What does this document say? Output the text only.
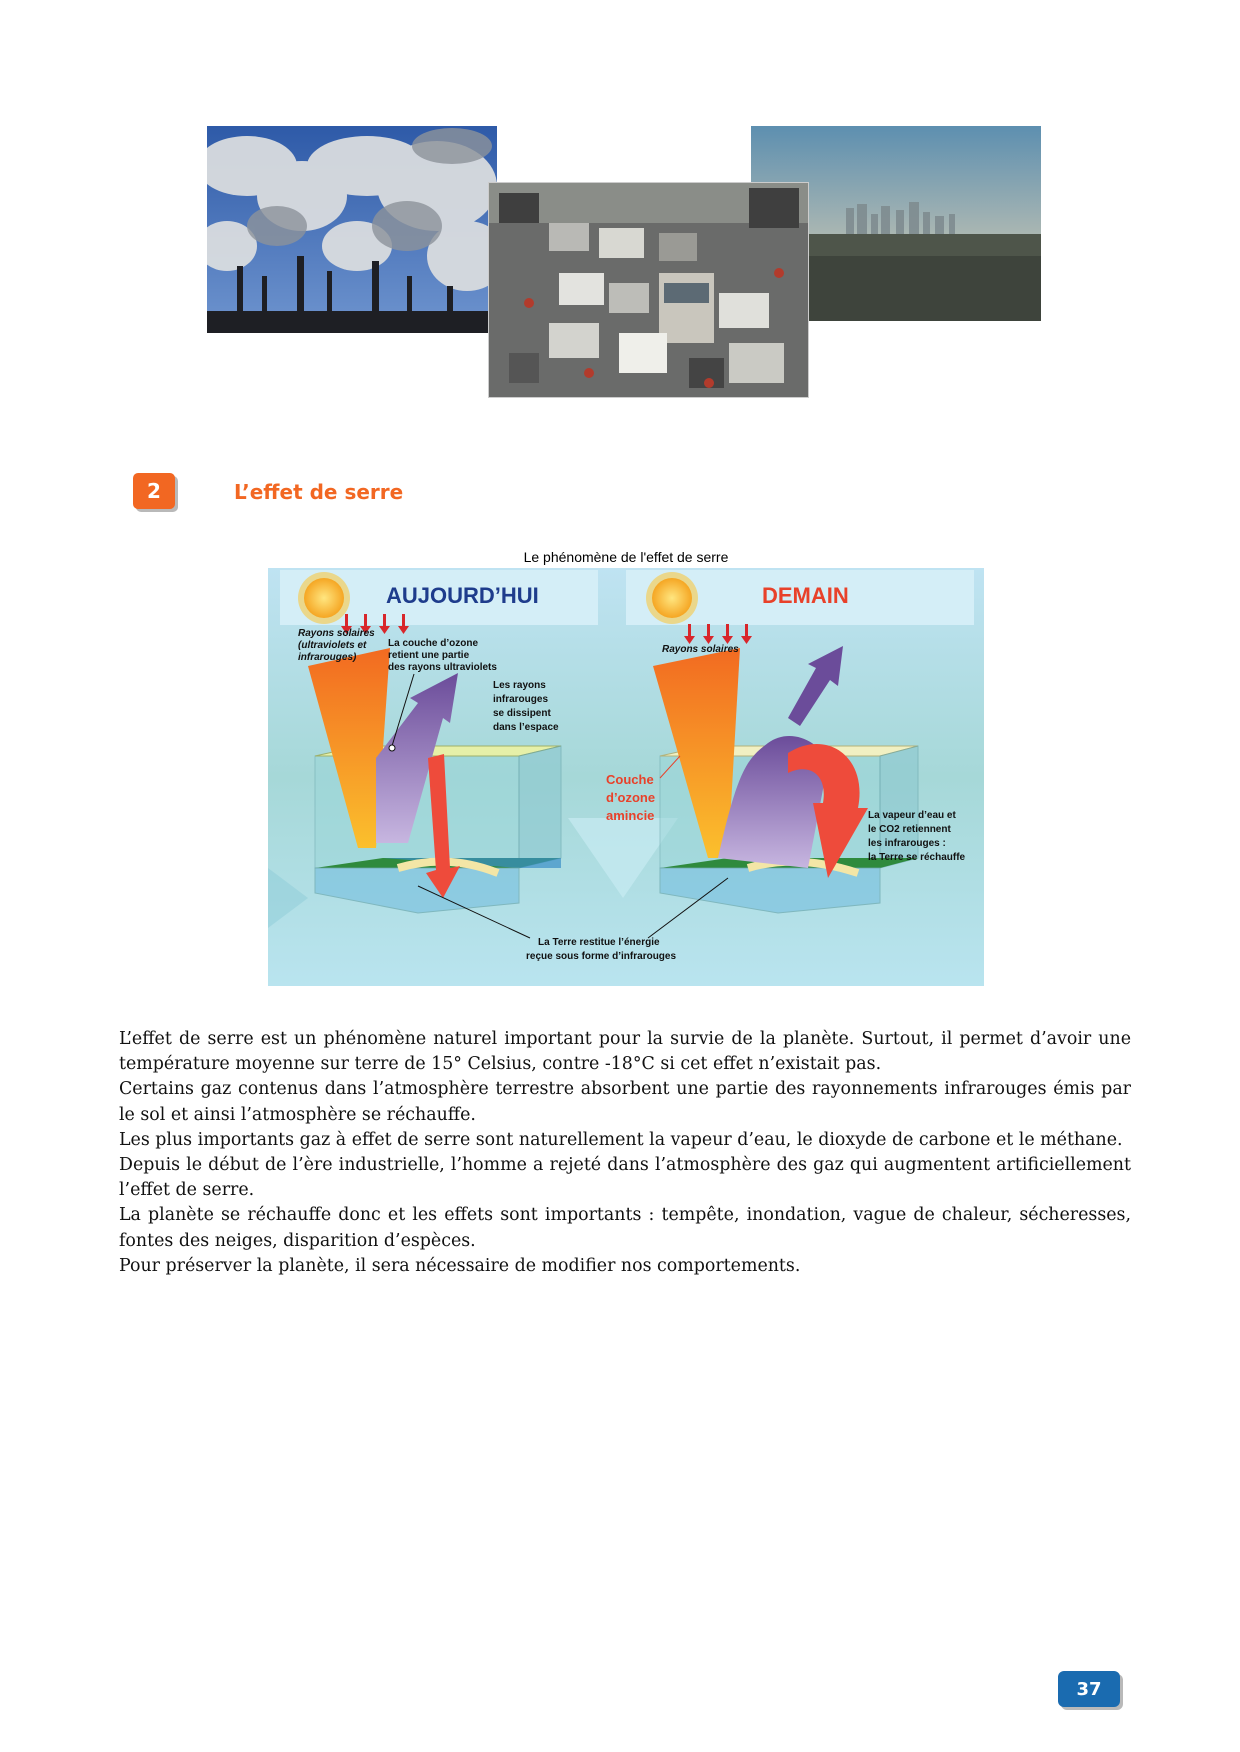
2	L’effet de serre
Le phénomène de l'effet de serre
AUJOURD’HUI
Rayons solaires
(ultraviolets et
infrarouges)
La couche d’ozone
retient une partie
des rayons ultraviolets
Les rayons
infrarouges
se dissipent
dans l’espace
DEMAIN
Rayons solaires
Couche
d’ozone
amincie	La vapeur d’eau et
le CO2 retiennent
les infrarouges :
la Terre se réchauffe
La Terre restitue l’énergie
reçue sous forme d’infrarouges

L’effet de serre est un phénomène naturel important pour la survie de la planète. Surtout, il permet d’avoir une température moyenne sur terre de 15° Celsius, contre -18°C si cet effet n’existait pas.

Certains gaz contenus dans l’atmosphère terrestre absorbent une partie des rayonnements infrarouges émis par le sol et ainsi l’atmosphère se réchauffe.

Les plus importants gaz à effet de serre sont naturellement la vapeur d’eau, le dioxyde de carbone et le méthane.

Depuis le début de l’ère industrielle, l’homme a rejeté dans l’atmosphère des gaz qui augmentent artificiellement l’effet de serre.

La planète se réchauffe donc et les effets sont importants : tempête, inondation, vague de chaleur, sécheresses, fontes des neiges, disparition d’espèces.

Pour préserver la planète, il sera nécessaire de modifier nos comportements.

37
